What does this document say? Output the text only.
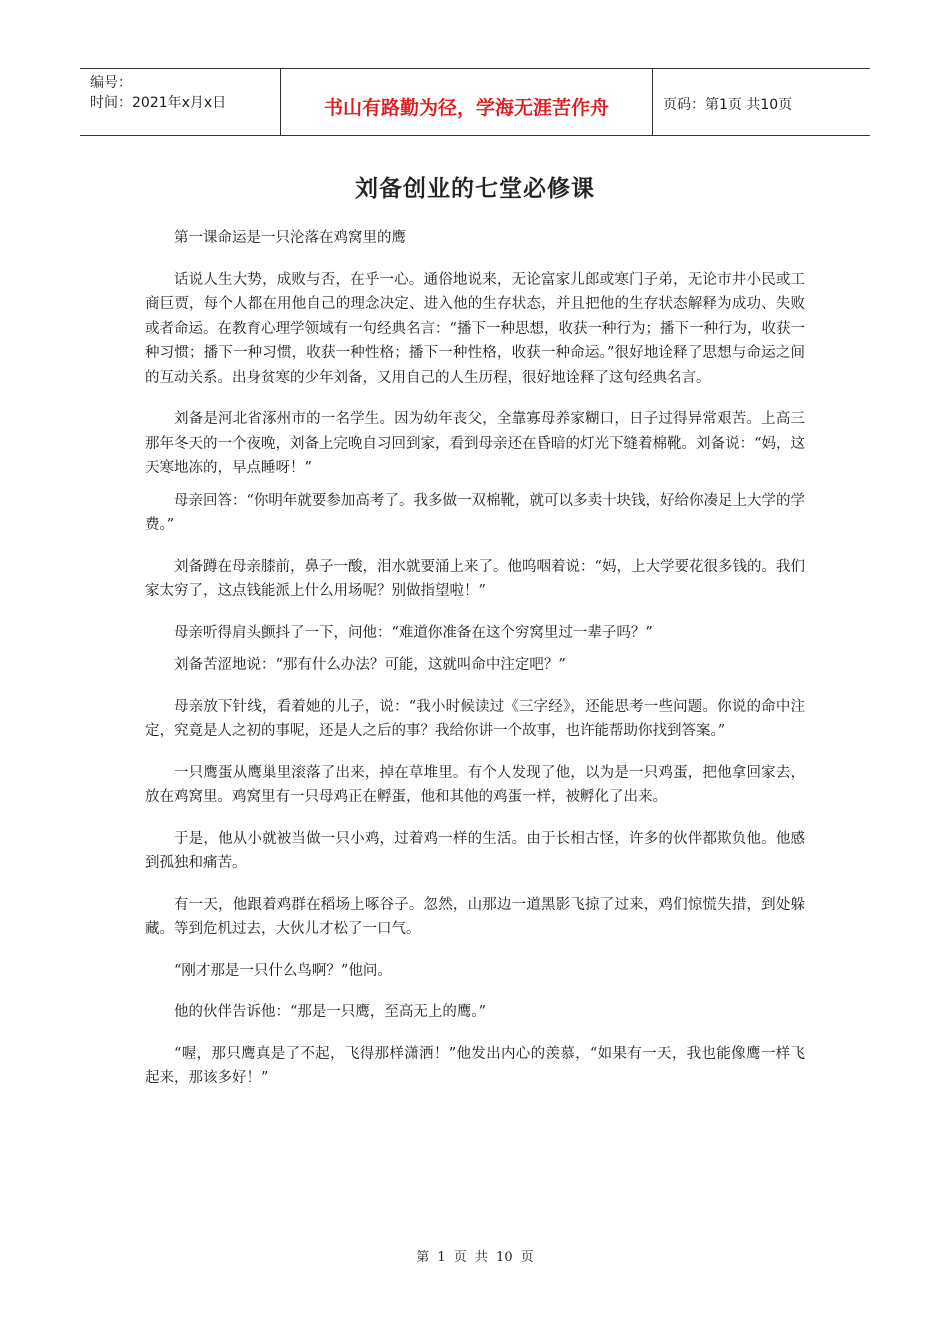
编号：
时间：2021年x月x日	书山有路勤为径，学海无涯苦作舟	页码：第1页 共10页
刘备创业的七堂必修课

第一课命运是一只沦落在鸡窝里的鹰

话说人生大势，成败与否，在乎一心。通俗地说来，无论富家儿郎或寒门子弟，无论市井小民或工商巨贾，每个人都在用他自己的理念决定、进入他的生存状态，并且把他的生存状态解释为成功、失败或者命运。在教育心理学领域有一句经典名言：“播下一种思想，收获一种行为；播下一种行为，收获一种习惯；播下一种习惯，收获一种性格；播下一种性格，收获一种命运。”很好地诠释了思想与命运之间的互动关系。出身贫寒的少年刘备，又用自己的人生历程，很好地诠释了这句经典名言。

刘备是河北省涿州市的一名学生。因为幼年丧父，全靠寡母养家糊口，日子过得异常艰苦。上高三那年冬天的一个夜晚，刘备上完晚自习回到家，看到母亲还在昏暗的灯光下缝着棉靴。刘备说：“妈，这天寒地冻的，早点睡呀！”

母亲回答：“你明年就要参加高考了。我多做一双棉靴，就可以多卖十块钱，好给你凑足上大学的学费。”

刘备蹲在母亲膝前，鼻子一酸，泪水就要涌上来了。他呜咽着说：“妈，上大学要花很多钱的。我们家太穷了，这点钱能派上什么用场呢？别做指望啦！”

母亲听得肩头颤抖了一下，问他：“难道你准备在这个穷窝里过一辈子吗？”

刘备苦涩地说：“那有什么办法？可能，这就叫命中注定吧？”

母亲放下针线，看着她的儿子，说：“我小时候读过《三字经》，还能思考一些问题。你说的命中注定，究竟是人之初的事呢，还是人之后的事？我给你讲一个故事，也许能帮助你找到答案。”

一只鹰蛋从鹰巢里滚落了出来，掉在草堆里。有个人发现了他，以为是一只鸡蛋，把他拿回家去，放在鸡窝里。鸡窝里有一只母鸡正在孵蛋，他和其他的鸡蛋一样，被孵化了出来。

于是，他从小就被当做一只小鸡，过着鸡一样的生活。由于长相古怪，许多的伙伴都欺负他。他感到孤独和痛苦。

有一天，他跟着鸡群在稻场上啄谷子。忽然，山那边一道黑影飞掠了过来，鸡们惊慌失措，到处躲藏。等到危机过去，大伙儿才松了一口气。

“刚才那是一只什么鸟啊？”他问。

他的伙伴告诉他：“那是一只鹰，至高无上的鹰。”

“喔，那只鹰真是了不起，飞得那样潇洒！”他发出内心的羡慕，“如果有一天，我也能像鹰一样飞起来，那该多好！”

第 1 页 共 10 页
